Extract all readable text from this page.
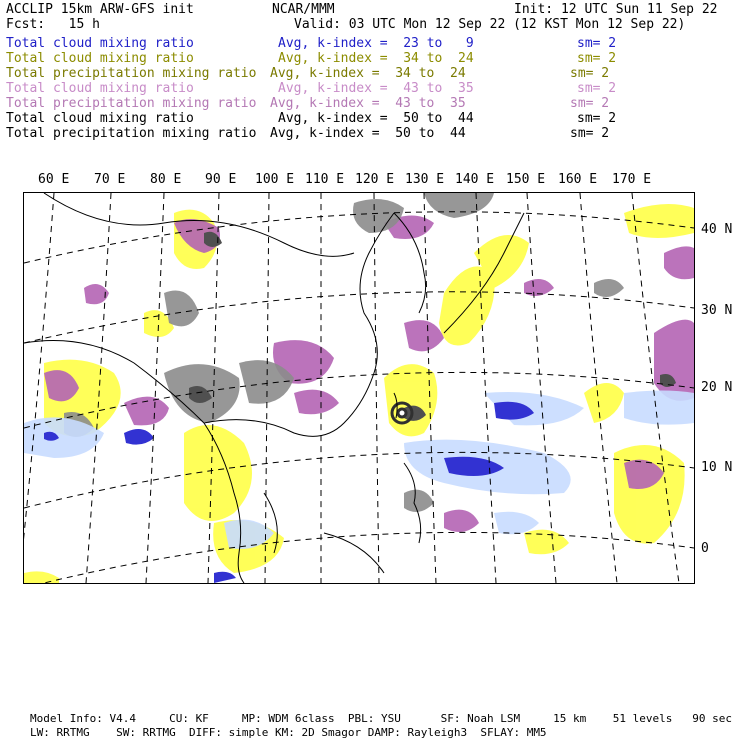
ACCLIP 15km ARW-GFS init	NCAR/MMM	Init: 12 UTC Sun 11 Sep 22
Fcst:   15 h	Valid: 03 UTC Mon 12 Sep 22 (12 KST Mon 12 Sep 22)
Total cloud mixing ratio	Avg, k-index =  23 to   9	sm= 2
Total cloud mixing ratio	Avg, k-index =  34 to  24	sm= 2
Total precipitation mixing ratio Avg, k-index =  34 to  24	sm= 2
Total cloud mixing ratio	Avg, k-index =  43 to  35	sm= 2
Total precipitation mixing ratio Avg, k-index =  43 to  35	sm= 2
Total cloud mixing ratio	Avg, k-index =  50 to  44	sm= 2
Total precipitation mixing ratio Avg, k-index =  50 to  44	sm= 2
60 E 70 E 80 E 90 E 100 E 110 E 120 E 130 E 140 E 150 E 160 E 170 E
40 N
30 N
20 N
10 N
0
Model Info: V4.4     CU: KF     MP: WDM 6class  PBL: YSU      SF: Noah LSM     15 km    51 levels   90 sec
LW: RRTMG    SW: RRTMG  DIFF: simple KM: 2D Smagor DAMP: Rayleigh3  SFLAY: MM5
